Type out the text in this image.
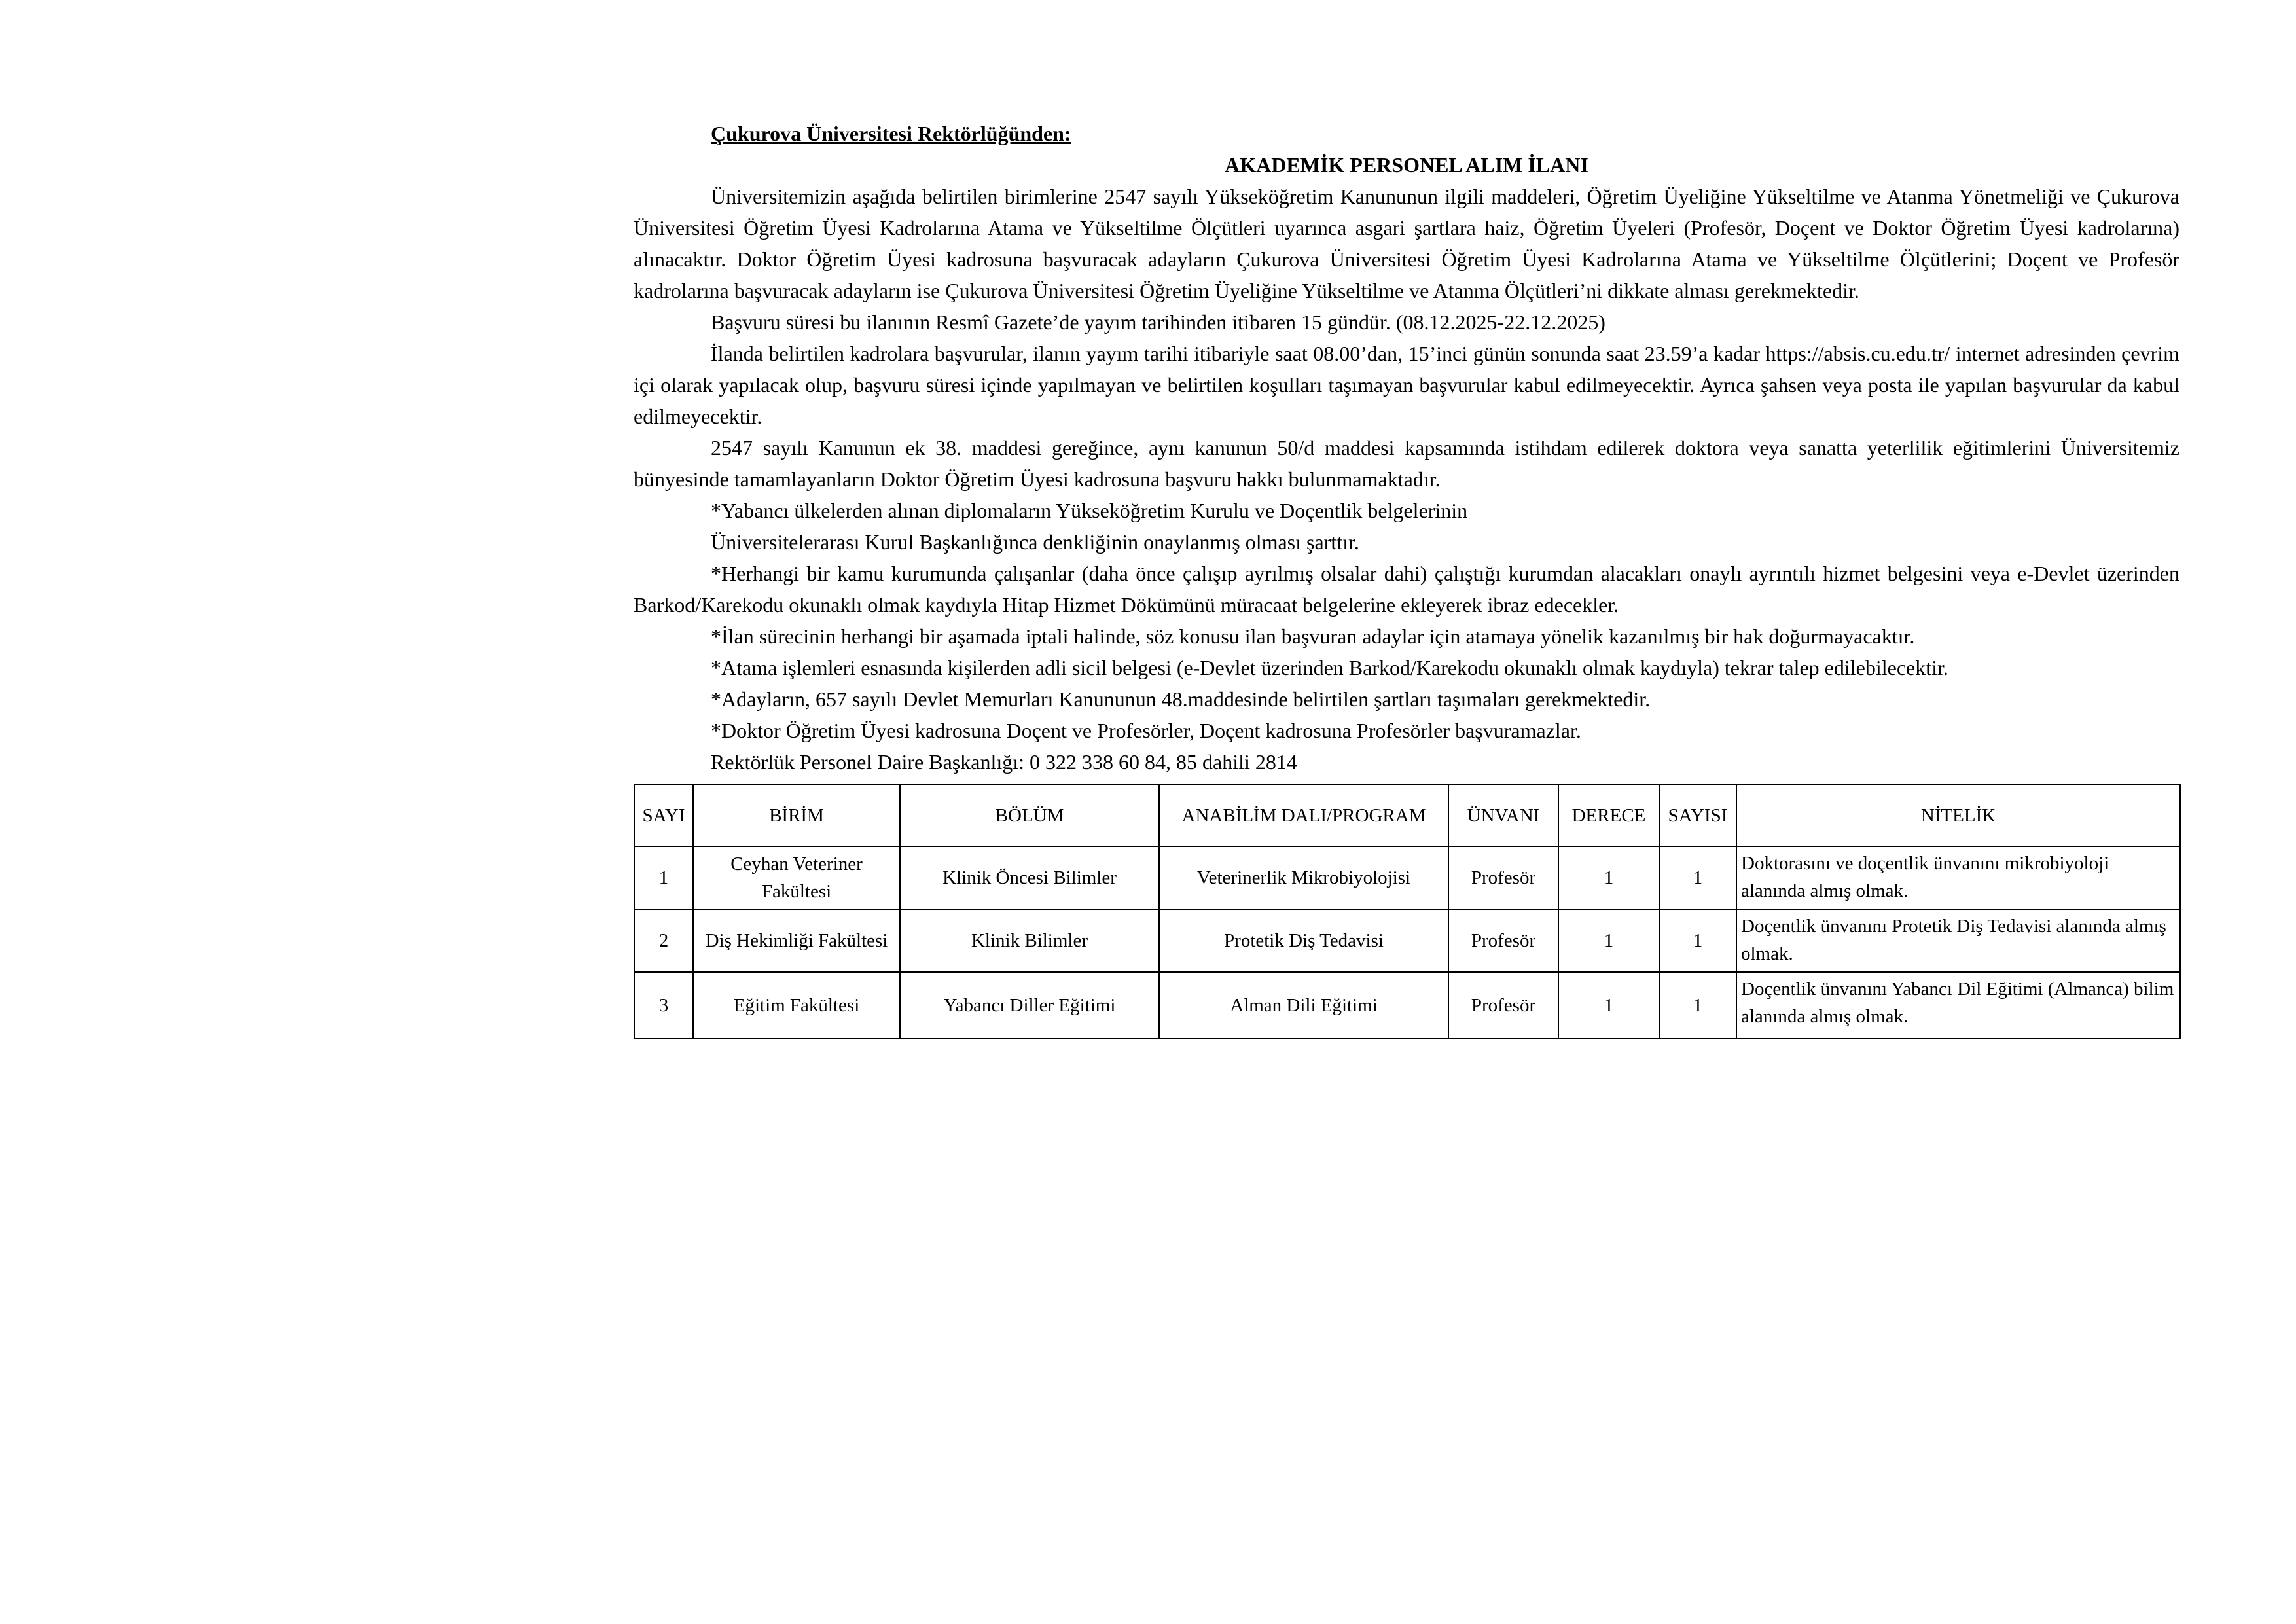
Çukurova Üniversitesi Rektörlüğünden:

AKADEMİK PERSONEL ALIM İLANI

Üniversitemizin aşağıda belirtilen birimlerine 2547 sayılı Yükseköğretim Kanununun ilgili maddeleri, Öğretim Üyeliğine Yükseltilme ve Atanma Yönetmeliği ve Çukurova Üniversitesi Öğretim Üyesi Kadrolarına Atama ve Yükseltilme Ölçütleri uyarınca asgari şartlara haiz, Öğretim Üyeleri (Profesör, Doçent ve Doktor Öğretim Üyesi kadrolarına) alınacaktır. Doktor Öğretim Üyesi kadrosuna başvuracak adayların Çukurova Üniversitesi Öğretim Üyesi Kadrolarına Atama ve Yükseltilme Ölçütlerini; Doçent ve Profesör kadrolarına başvuracak adayların ise Çukurova Üniversitesi Öğretim Üyeliğine Yükseltilme ve Atanma Ölçütleri’ni dikkate alması gerekmektedir.

Başvuru süresi bu ilanının Resmî Gazete’de yayım tarihinden itibaren 15 gündür. (08.12.2025-22.12.2025)

İlanda belirtilen kadrolara başvurular, ilanın yayım tarihi itibariyle saat 08.00’dan, 15’inci günün sonunda saat 23.59’a kadar https://absis.cu.edu.tr/ internet adresinden çevrim içi olarak yapılacak olup, başvuru süresi içinde yapılmayan ve belirtilen koşulları taşımayan başvurular kabul edilmeyecektir. Ayrıca şahsen veya posta ile yapılan başvurular da kabul edilmeyecektir.

2547 sayılı Kanunun ek 38. maddesi gereğince, aynı kanunun 50/d maddesi kapsamında istihdam edilerek doktora veya sanatta yeterlilik eğitimlerini Üniversitemiz bünyesinde tamamlayanların Doktor Öğretim Üyesi kadrosuna başvuru hakkı bulunmamaktadır.

*Yabancı ülkelerden alınan diplomaların Yükseköğretim Kurulu ve Doçentlik belgelerinin

Üniversitelerarası Kurul Başkanlığınca denkliğinin onaylanmış olması şarttır.

*Herhangi bir kamu kurumunda çalışanlar (daha önce çalışıp ayrılmış olsalar dahi) çalıştığı kurumdan alacakları onaylı ayrıntılı hizmet belgesini veya e-Devlet üzerinden Barkod/Karekodu okunaklı olmak kaydıyla Hitap Hizmet Dökümünü müracaat belgelerine ekleyerek ibraz edecekler.

*İlan sürecinin herhangi bir aşamada iptali halinde, söz konusu ilan başvuran adaylar için atamaya yönelik kazanılmış bir hak doğurmayacaktır.

*Atama işlemleri esnasında kişilerden adli sicil belgesi (e-Devlet üzerinden Barkod/Karekodu okunaklı olmak kaydıyla) tekrar talep edilebilecektir.

*Adayların, 657 sayılı Devlet Memurları Kanununun 48.maddesinde belirtilen şartları taşımaları gerekmektedir.

*Doktor Öğretim Üyesi kadrosuna Doçent ve Profesörler, Doçent kadrosuna Profesörler başvuramazlar.

Rektörlük Personel Daire Başkanlığı: 0 322 338 60 84, 85 dahili 2814

SAYI	BİRİM	BÖLÜM	ANABİLİM DALI/PROGRAM	ÜNVANI	DERECE	SAYISI	NİTELİK
1	Ceyhan Veteriner Fakültesi	Klinik Öncesi Bilimler	Veterinerlik Mikrobiyolojisi	Profesör	1	1	Doktorasını ve doçentlik ünvanını mikrobiyoloji alanında almış olmak.
2	Diş Hekimliği Fakültesi	Klinik Bilimler	Protetik Diş Tedavisi	Profesör	1	1	Doçentlik ünvanını Protetik Diş Tedavisi alanında almış olmak.
3	Eğitim Fakültesi	Yabancı Diller Eğitimi	Alman Dili Eğitimi	Profesör	1	1	Doçentlik ünvanını Yabancı Dil Eğitimi (Almanca) bilim alanında almış olmak.
